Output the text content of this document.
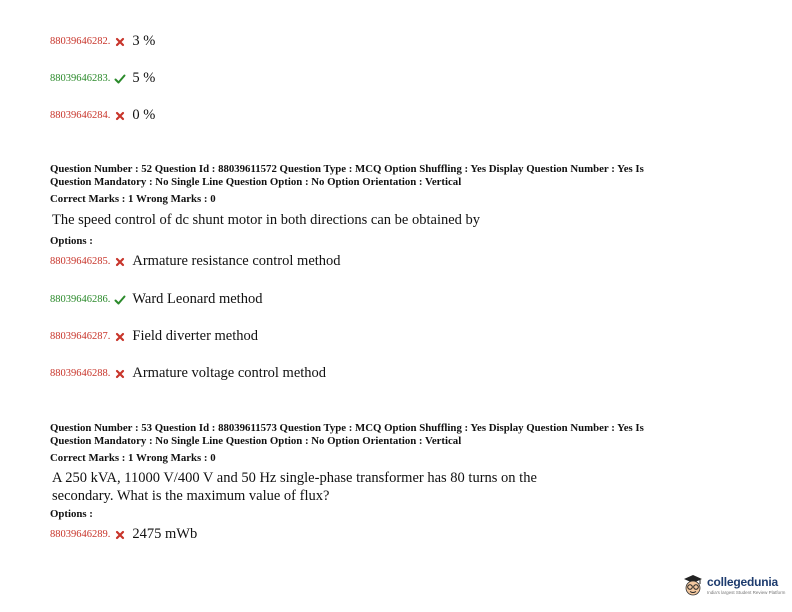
88039646282. 3 %
88039646283. 5 %
88039646284. 0 %
Question Number : 52 Question Id : 88039611572 Question Type : MCQ Option Shuffling : Yes Display Question Number : Yes Is
Question Mandatory : No Single Line Question Option : No Option Orientation : Vertical
Correct Marks : 1 Wrong Marks : 0
The speed control of dc shunt motor in both directions can be obtained by
Options :
88039646285. Armature resistance control method
88039646286. Ward Leonard method
88039646287. Field diverter method
88039646288. Armature voltage control method
Question Number : 53 Question Id : 88039611573 Question Type : MCQ Option Shuffling : Yes Display Question Number : Yes Is
Question Mandatory : No Single Line Question Option : No Option Orientation : Vertical
Correct Marks : 1 Wrong Marks : 0
A 250 kVA, 11000 V/400 V and 50 Hz single-phase transformer has 80 turns on the
secondary. What is the maximum value of flux?
Options :
88039646289. 2475 mWb
collegedunia
India's largest Student Review Platform
